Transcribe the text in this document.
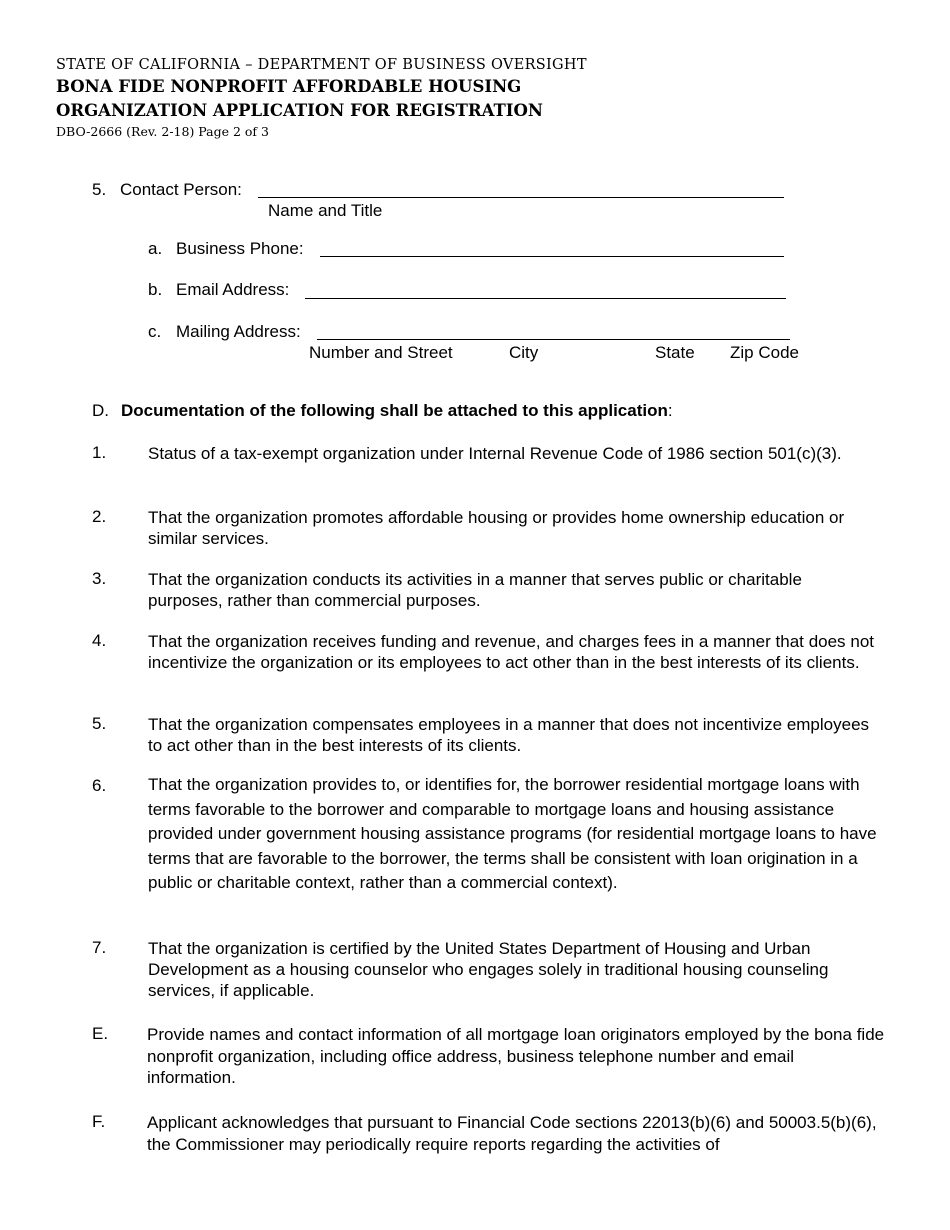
STATE OF CALIFORNIA – DEPARTMENT OF BUSINESS OVERSIGHT
BONA FIDE NONPROFIT AFFORDABLE HOUSING
ORGANIZATION APPLICATION FOR REGISTRATION
DBO-2666 (Rev. 2-18) Page 2 of 3
5. Contact Person:
Name and Title
a. Business Phone:
b. Email Address:
c. Mailing Address:
Number and Street	City	State Zip Code
D. Documentation of the following shall be attached to this application:
1. Status of a tax-exempt organization under Internal Revenue Code of 1986 section 501(c)(3).
2. That the organization promotes affordable housing or provides home ownership education or similar services.
3. That the organization conducts its activities in a manner that serves public or charitable purposes, rather than commercial purposes.
4. That the organization receives funding and revenue, and charges fees in a manner that does not incentivize the organization or its employees to act other than in the best interests of its clients.
5. That the organization compensates employees in a manner that does not incentivize employees to act other than in the best interests of its clients.
6. That the organization provides to, or identifies for, the borrower residential mortgage loans with terms favorable to the borrower and comparable to mortgage loans and housing assistance provided under government housing assistance programs (for residential mortgage loans to have terms that are favorable to the borrower, the terms shall be consistent with loan origination in a public or charitable context, rather than a commercial context).
7. That the organization is certified by the United States Department of Housing and Urban Development as a housing counselor who engages solely in traditional housing counseling services, if applicable.
E. Provide names and contact information of all mortgage loan originators employed by the bona fide nonprofit organization, including office address, business telephone number and email information.
F. Applicant acknowledges that pursuant to Financial Code sections 22013(b)(6) and 50003.5(b)(6), the Commissioner may periodically require reports regarding the activities of
